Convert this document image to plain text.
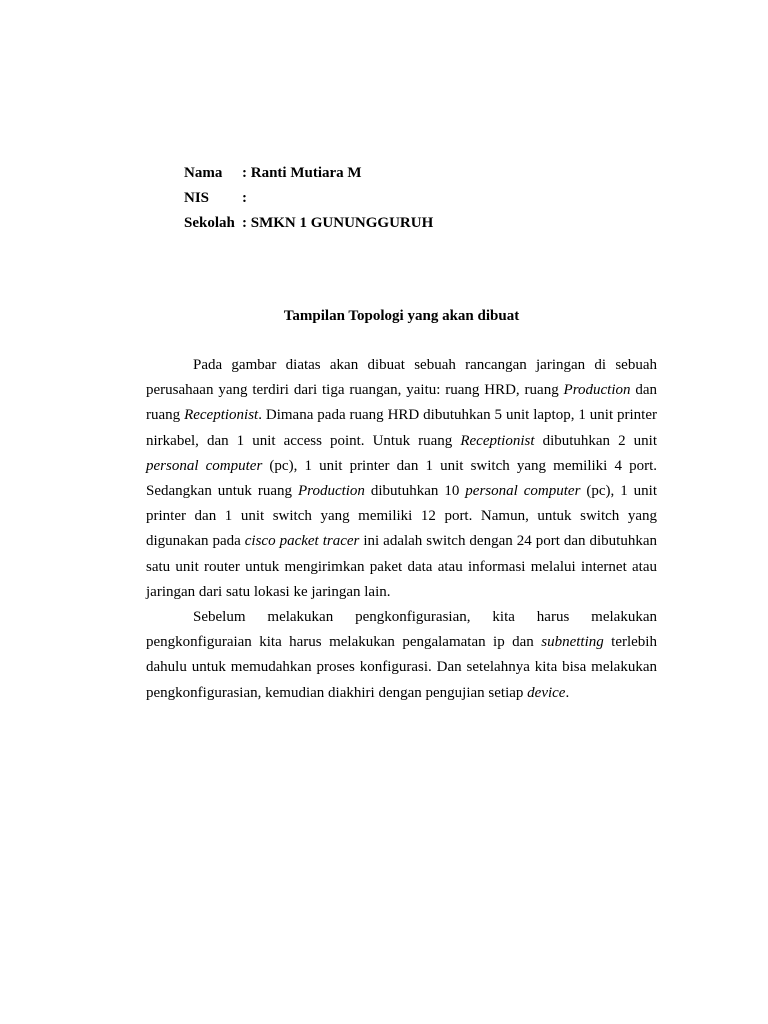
Nama	: Ranti Mutiara M
NIS	:
Sekolah	: SMKN 1 GUNUNGGURUH
Tampilan Topologi yang akan dibuat

Pada gambar diatas akan dibuat sebuah rancangan jaringan di sebuah perusahaan yang terdiri dari tiga ruangan, yaitu: ruang HRD, ruang Production dan ruang Receptionist. Dimana pada ruang HRD dibutuhkan 5 unit laptop, 1 unit printer nirkabel, dan 1 unit access point. Untuk ruang Receptionist dibutuhkan 2 unit personal computer (pc), 1 unit printer dan 1 unit switch yang memiliki 4 port. Sedangkan untuk ruang Production dibutuhkan 10 personal computer (pc), 1 unit printer dan 1 unit switch yang memiliki 12 port. Namun, untuk switch yang digunakan pada cisco packet tracer ini adalah switch dengan 24 port dan dibutuhkan satu unit router untuk mengirimkan paket data atau informasi melalui internet atau jaringan dari satu lokasi ke jaringan lain.

Sebelum melakukan pengkonfigurasian, kita harus melakukan pengkonfiguraian kita harus melakukan pengalamatan ip dan subnetting terlebih dahulu untuk memudahkan proses konfigurasi. Dan setelahnya kita bisa melakukan pengkonfigurasian, kemudian diakhiri dengan pengujian setiap device.
